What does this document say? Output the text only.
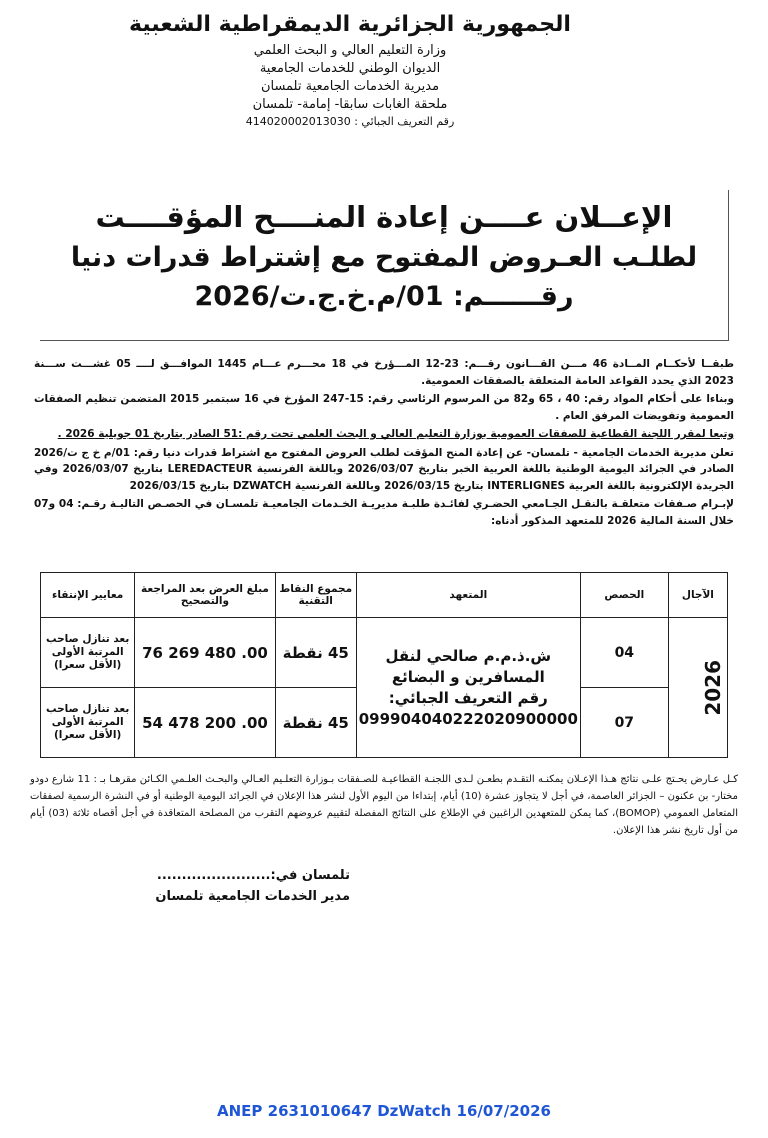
الجمهورية الجزائرية الديمقراطية الشعبية
وزارة التعليم العالي و البحث العلمي
الديوان الوطني للخدمات الجامعية
مديرية الخدمات الجامعية تلمسان
ملحقة الغابات سابقا- إمامة- تلمسان
رقم التعريف الجبائي : 414020002013030
الإعــلان عــــن إعادة المنــــح المؤقــــت
لطلـب العـروض المفتوح مع إشتراط قدرات دنيا
رقــــــم: 01/م.خ.ج.ت/2026

طبقــا لأحكــام المــادة 46 مـــن القـــانون رقـــم: 23-12 المـــؤرخ في 18 محـــرم عـــام 1445 الموافـــق لــــ 05 غشـــت ســـنة 2023 الذي يحدد القواعد العامة المتعلقة بالصفقات العمومية.

وبناءا على أحكام المواد رقم: 40 ، 65 و82 من المرسوم الرئاسي رقم: 15-247 المؤرخ في 16 سبتمبر 2015 المتضمن تنظيم الصفقات العمومية وتفويضات المرفق العام .

وتبعا لمقرر اللجنة القطاعية للصفقات العمومية بوزارة التعليم العالي و البحث العلمي تحت رقم :51 الصادر بتاريخ 01 جويلية 2026 .

تعلن مديرية الخدمات الجامعية - تلمسان- عن إعادة المنح المؤقت لطلب العروض المفتوح مع اشتراط قدرات دنيا رقم: 01/م خ ج ت/2026 الصادر في الجرائد اليومية الوطنية باللغة العربية الخبر بتاريخ 2026/03/07 وباللغة الفرنسية LEREDACTEUR بتاريخ 2026/03/07 وفي الجريدة الإلكترونية باللغة العربية INTERLIGNES بتاريخ 2026/03/15 وباللغة الفرنسية DZWATCH بتاريخ 2026/03/15

لإبـرام صـفقات متعلقـة بالنقـل الجـامعي الحضـري لفائـدة طلبـة مديريـة الخـدمات الجامعيـة تلمسـان في الحصـص التاليـة رقـم: 04 و07 خلال السنة المالية 2026 للمتعهد المذكور أدناه:

الآجال	الحصص	المتعهد	مجموع النقاط التقنية	مبلغ العرض بعد المراجعة والتصحيح	معايير الإنتقاء

2026	04	ش.ذ.م.م صالحي لنقل المسافرين و البضائع
رقم التعريف الجبائي:
099904040222020900000	45 نقطة	76 269 480 .00	بعد تنازل صاحب المرتبة الأولى (الأقل سعرا)
	07		45 نقطة	54 478 200 .00	بعد تنازل صاحب المرتبة الأولى (الأقل سعرا)
كـل عـارض يحـتج علـى نتائج هـذا الإعـلان يمكنـه التقـدم بطعـن لـدى اللجنـة القطاعيـة للصـفقات بـوزارة التعلـيم العـالي والبحـث العلـمي الكـائن مقرهـا بـ : 11 شارع دودو مختار- بن عكنون – الجزائر العاصمة، في أجل لا يتجاوز عشرة (10) أيام، إبتداءا من اليوم الأول لنشر هذا الإعلان في الجرائد اليومية الوطنية أو في النشرة الرسمية لصفقات المتعامل العمومي (BOMOP)، كما يمكن للمتعهدين الراغبين في الإطلاع على النتائج المفصلة لتقييم عروضهم التقرب من المصلحة المتعاقدة في أجل أقصاه ثلاثة (03) أيام من أول تاريخ نشر هذا الإعلان.
تلمسان في:.......................
مدير الخدمات الجامعية تلمسان
ANEP 2631010647 DzWatch 16/07/2026
